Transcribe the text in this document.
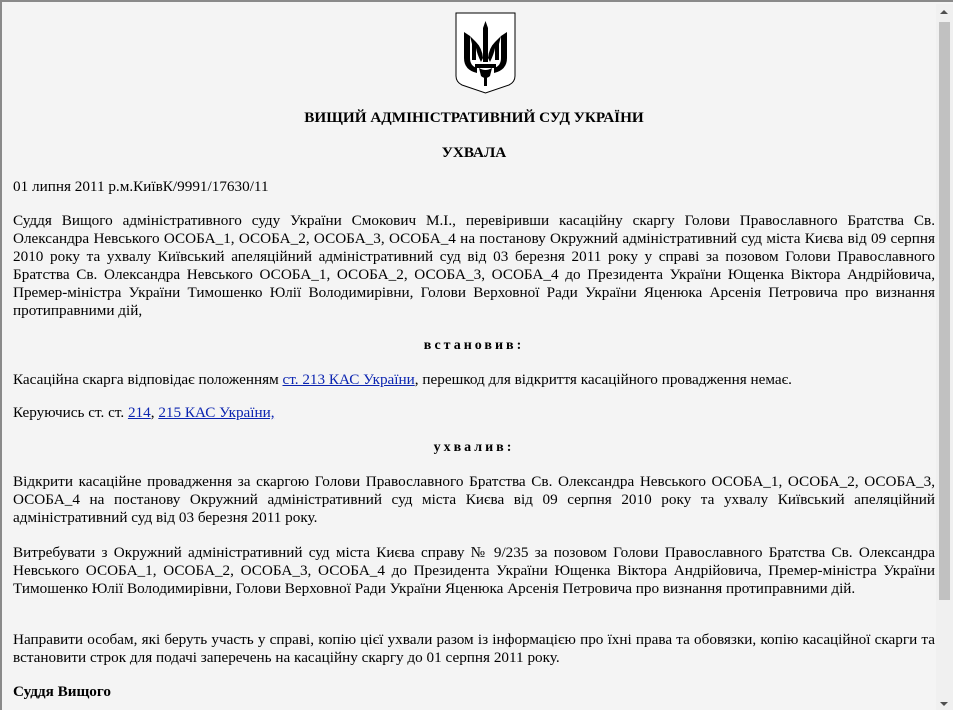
ВИЩИЙ АДМІНІСТРАТИВНИЙ СУД УКРАЇНИ
УХВАЛА

01 липня 2011 р.м.КиївК/9991/17630/11

Суддя Вищого адміністративного суду України Смокович М.І., перевіривши касаційну скаргу Голови Православного Братства Св. Олександра Невського ОСОБА_1, ОСОБА_2, ОСОБА_3, ОСОБА_4 на постанову Окружний адміністративний суд міста Києва від 09 серпня 2010 року та ухвалу Київський апеляційний адміністративний суд від 03 березня 2011 року у справі за позовом Голови Православного Братства Св. Олександра Невського ОСОБА_1, ОСОБА_2, ОСОБА_3, ОСОБА_4 до Президента України Ющенка Віктора Андрійовича, Премер-міністра України Тимошенко Юлії Володимирівни, Голови Верховної Ради України Яценюка Арсенія Петровича про визнання протиправними дій,

встановив:

Касаційна скарга відповідає положенням ст. 213 КАС України, перешкод для відкриття касаційного провадження немає.

Керуючись ст. ст. 214, 215 КАС України,

ухвалив:

Відкрити касаційне провадження за скаргою Голови Православного Братства Св. Олександра Невського ОСОБА_1, ОСОБА_2, ОСОБА_3, ОСОБА_4 на постанову Окружний адміністративний суд міста Києва від 09 серпня 2010 року та ухвалу Київський апеляційний адміністративний суд від 03 березня 2011 року.

Витребувати з Окружний адміністративний суд міста Києва справу № 9/235 за позовом Голови Православного Братства Св. Олександра Невського ОСОБА_1, ОСОБА_2, ОСОБА_3, ОСОБА_4 до Президента України Ющенка Віктора Андрійовича, Премер-міністра України Тимошенко Юлії Володимирівни, Голови Верховної Ради України Яценюка Арсенія Петровича про визнання протиправними дій.

Направити особам, які беруть участь у справі, копію цієї ухвали разом із інформацією про їхні права та обовязки, копію касаційної скарги та встановити строк для подачі заперечень на касаційну скаргу до 01 серпня 2011 року.

Суддя Вищого
